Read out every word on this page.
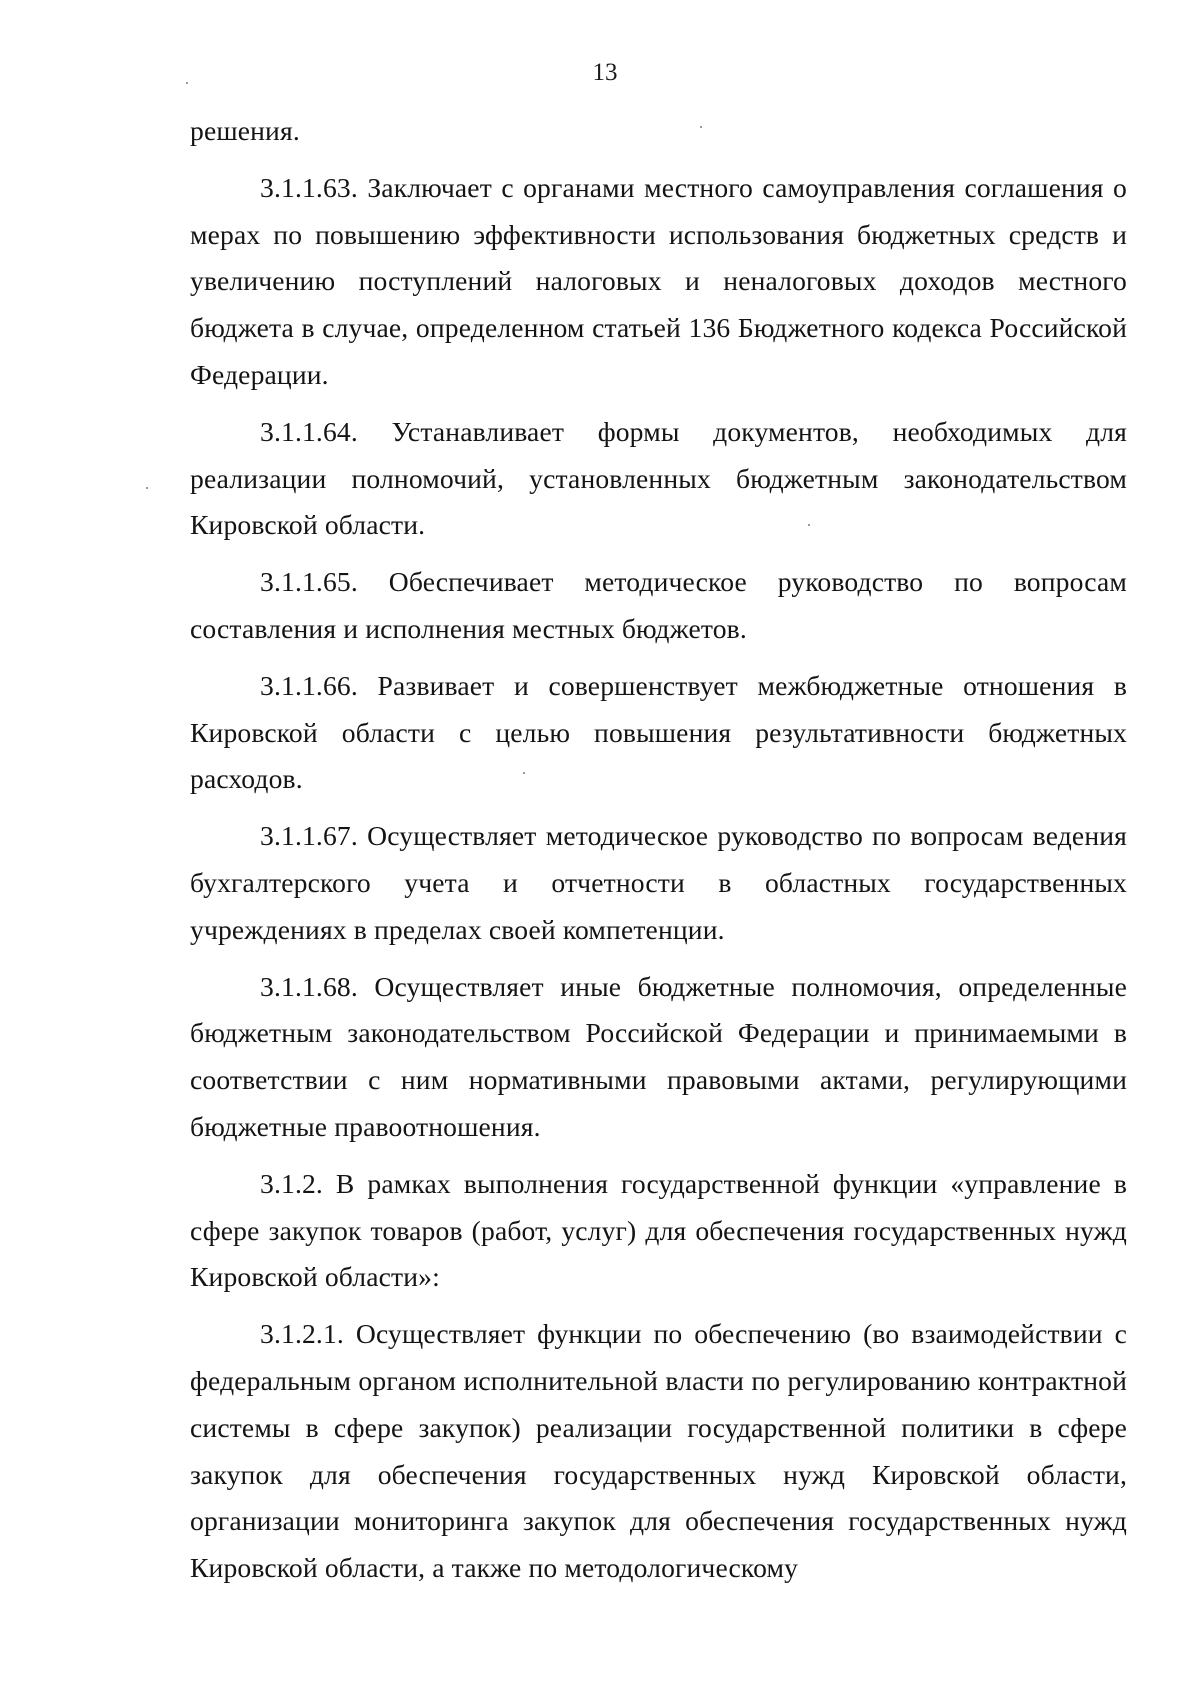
13

решения.

3.1.1.63. Заключает с органами местного самоуправления соглашения о мерах по повышению эффективности использования бюджетных средств и увеличению поступлений налоговых и неналоговых доходов местного бюджета в случае, определенном статьей 136 Бюджетного кодекса Российской Федерации.

3.1.1.64. Устанавливает формы документов, необходимых для реализации полномочий, установленных бюджетным законодательством Кировской области.

3.1.1.65. Обеспечивает методическое руководство по вопросам составления и исполнения местных бюджетов.

3.1.1.66. Развивает и совершенствует межбюджетные отношения в Кировской области с целью повышения результативности бюджетных расходов.

3.1.1.67. Осуществляет методическое руководство по вопросам ведения бухгалтерского учета и отчетности в областных государственных учреждениях в пределах своей компетенции.

3.1.1.68. Осуществляет иные бюджетные полномочия, определенные бюджетным законодательством Российской Федерации и принимаемыми в соответствии с ним нормативными правовыми актами, регулирующими бюджетные правоотношения.

3.1.2. В рамках выполнения государственной функции «управление в сфере закупок товаров (работ, услуг) для обеспечения государственных нужд Кировской области»:

3.1.2.1. Осуществляет функции по обеспечению (во взаимодействии с федеральным органом исполнительной власти по регулированию контрактной системы в сфере закупок) реализации государственной политики в сфере закупок для обеспечения государственных нужд Кировской области, организации мониторинга закупок для обеспечения государственных нужд Кировской области, а также по методологическому
